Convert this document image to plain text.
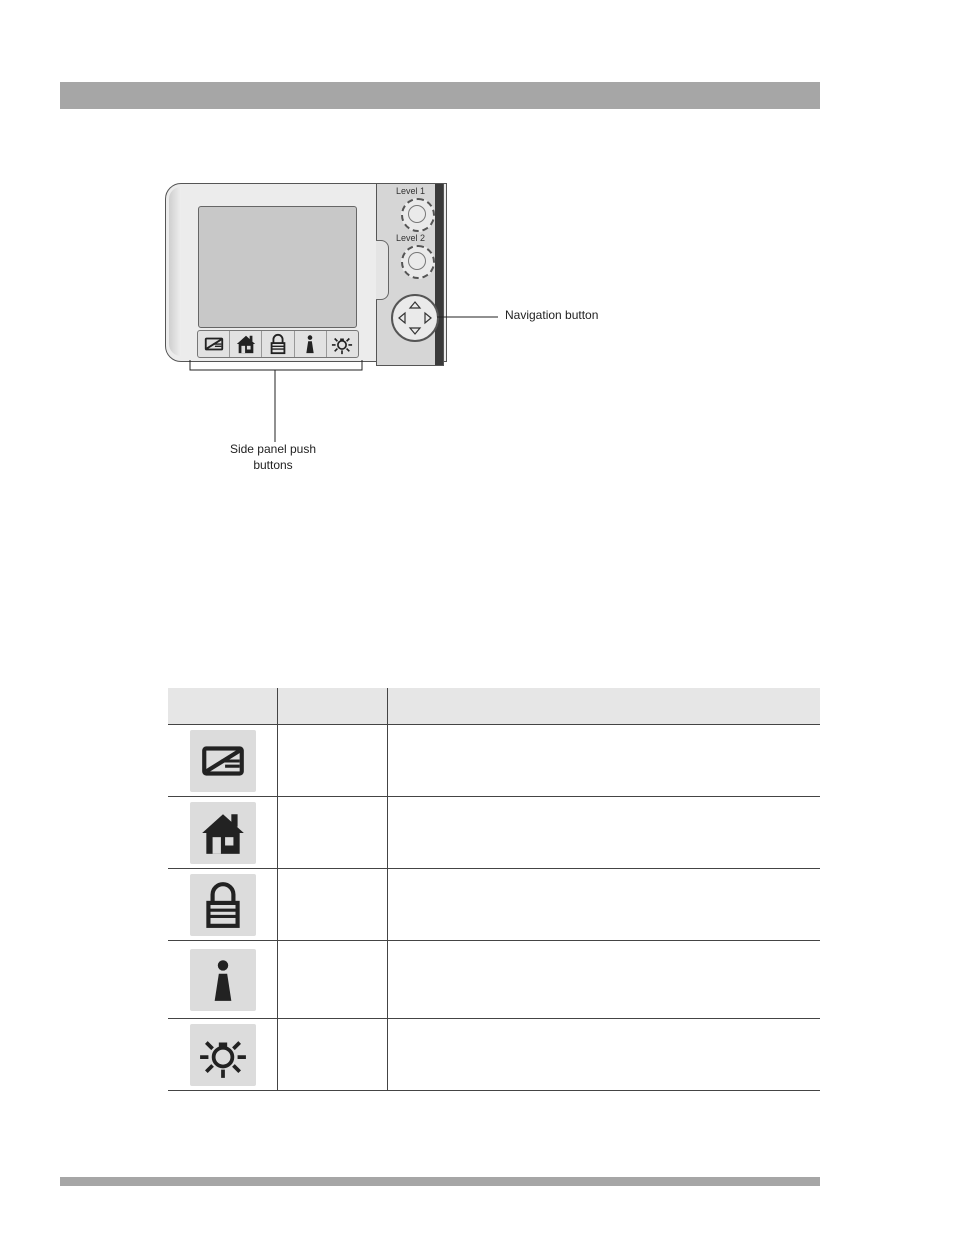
Level 1
Level 2
Navigation button
Side panel push
buttons
